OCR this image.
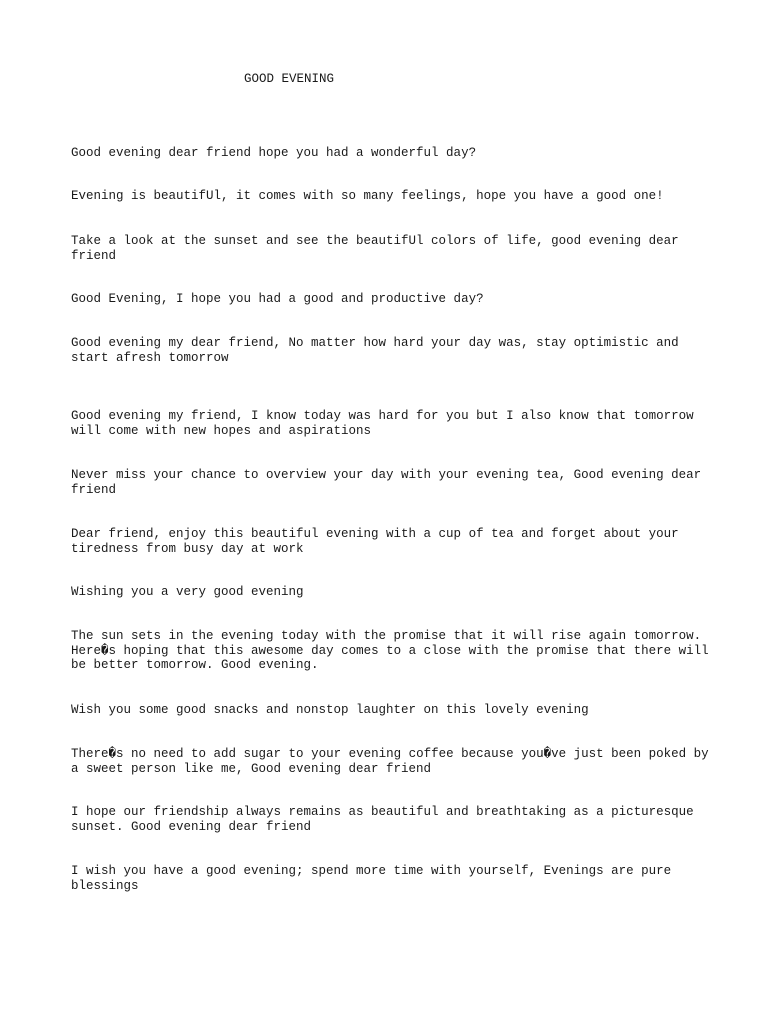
GOOD EVENING

Good evening dear friend hope you had a wonderful day?

Evening is beautifUl, it comes with so many feelings, hope you have a good one!

Take a look at the sunset and see the beautifUl colors of life, good evening dear friend

Good Evening, I hope you had a good and productive day?

Good evening my dear friend, No matter how hard your day was, stay optimistic and start afresh tomorrow

Good evening my friend, I know today was hard for you but I also know that tomorrow will come with new hopes and aspirations

Never miss your chance to overview your day with your evening tea, Good evening dear friend

Dear friend, enjoy this beautiful evening with a cup of tea and forget about your tiredness from busy day at work

Wishing you a very good evening

The sun sets in the evening today with the promise that it will rise again tomorrow. Here�s hoping that this awesome day comes to a close with the promise that there will be better tomorrow. Good evening.

Wish you some good snacks and nonstop laughter on this lovely evening

There�s no need to add sugar to your evening coffee because you�ve just been poked by a sweet person like me, Good evening dear friend

I hope our friendship always remains as beautiful and breathtaking as a picturesque sunset. Good evening dear friend

I wish you have a good evening; spend more time with yourself, Evenings are pure blessings
